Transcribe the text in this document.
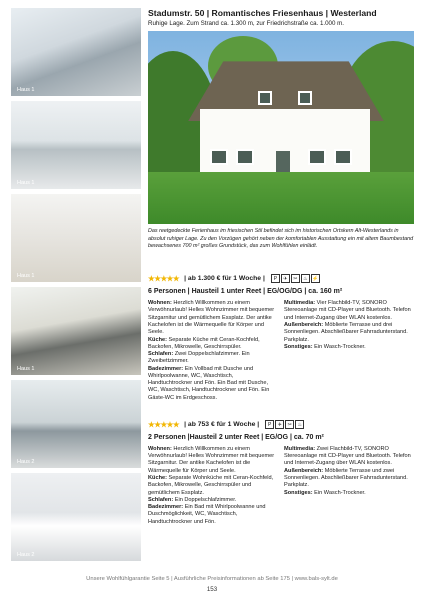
Haus 1
Haus 1
Haus 1
Haus 1
Haus 2
Haus 2
Stadumstr. 50 | Romantisches Friesenhaus | Westerland
Ruhige Lage. Zum Strand ca. 1.300 m, zur Friedrichstraße ca. 1.000 m.
Das reetgedeckte Ferienhaus im friesischen Stil befindet sich im historischen Ortskern Alt-Westerlands in absolut ruhiger Lage. Zu den Vorzügen gehört neben der komfortablen Ausstattung ein mit altem Baumbestand bewachsenes 700 m² großes Grundstück, das zum Wohlfühlen einlädt.
★★★★★ | ab 1.300 € für 1 Woche |	P	✈	✂	♨ ⚡
6 Personen | Hausteil 1 unter Reet | EG/OG/DG | ca. 160 m²

Wohnen: Herzlich Willkommen zu einem Verwöhnurlaub! Helles Wohnzimmer mit bequemer Sitzgarnitur und gemütlichem Essplatz. Der antike Kachelofen ist die Wärmequelle für Körper und Seele.

Küche: Separate Küche mit Ceran-Kochfeld, Backofen, Mikrowelle, Geschirrspüler.

Schlafen: Zwei Doppelschlafzimmer. Ein Zweibettzimmer.

Badezimmer: Ein Vollbad mit Dusche und Whirlpoolwanne, WC, Waschtisch, Handtuchtrockner und Fön. Ein Bad mit Dusche, WC, Waschtisch, Handtuchtrockner und Fön. Ein Gäste-WC im Erdgeschoss.

Multimedia: Vier Flachbild-TV, SONORO Stereoanlage mit CD-Player und Bluetooth. Telefon und Internet-Zugang über WLAN kostenlos.

Außenbereich: Möblierte Terrasse und drei Sonnenliegen. Abschließbarer Fahrradunterstand. Parkplatz.

Sonstiges: Ein Wasch-Trockner.

★★★★★ | ab 753 € für 1 Woche |	P	✈	✂	♨
2 Personen |Hausteil 2 unter Reet | EG/OG | ca. 70 m²

Wohnen: Herzlich Willkommen zu einem Verwöhnurlaub! Helles Wohnzimmer mit bequemer Sitzgarnitur. Der antike Kachelofen ist die Wärmequelle für Körper und Seele.

Küche: Separate Wohnküche mit Ceran-Kochfeld, Backofen, Mikrowelle, Geschirrspüler und gemütlichem Essplatz.

Schlafen: Ein Doppelschlafzimmer.

Badezimmer: Ein Bad mit Whirlpoolwanne und Duschmöglichkeit, WC, Waschtisch, Handtuchtrockner und Fön.

Multimedia: Zwei Flachbild-TV, SONORO Stereoanlage mit CD-Player und Bluetooth. Telefon und Internet-Zugang über WLAN kostenlos.

Außenbereich: Möblierte Terrasse und zwei Sonnenliegen. Abschließbarer Fahrradunterstand. Parkplatz.

Sonstiges: Ein Wasch-Trockner.

Unsere Wohlfühlgarantie Seite 5 | Ausführliche Preisinformationen ab Seite 175 | www.bals-sylt.de
153
